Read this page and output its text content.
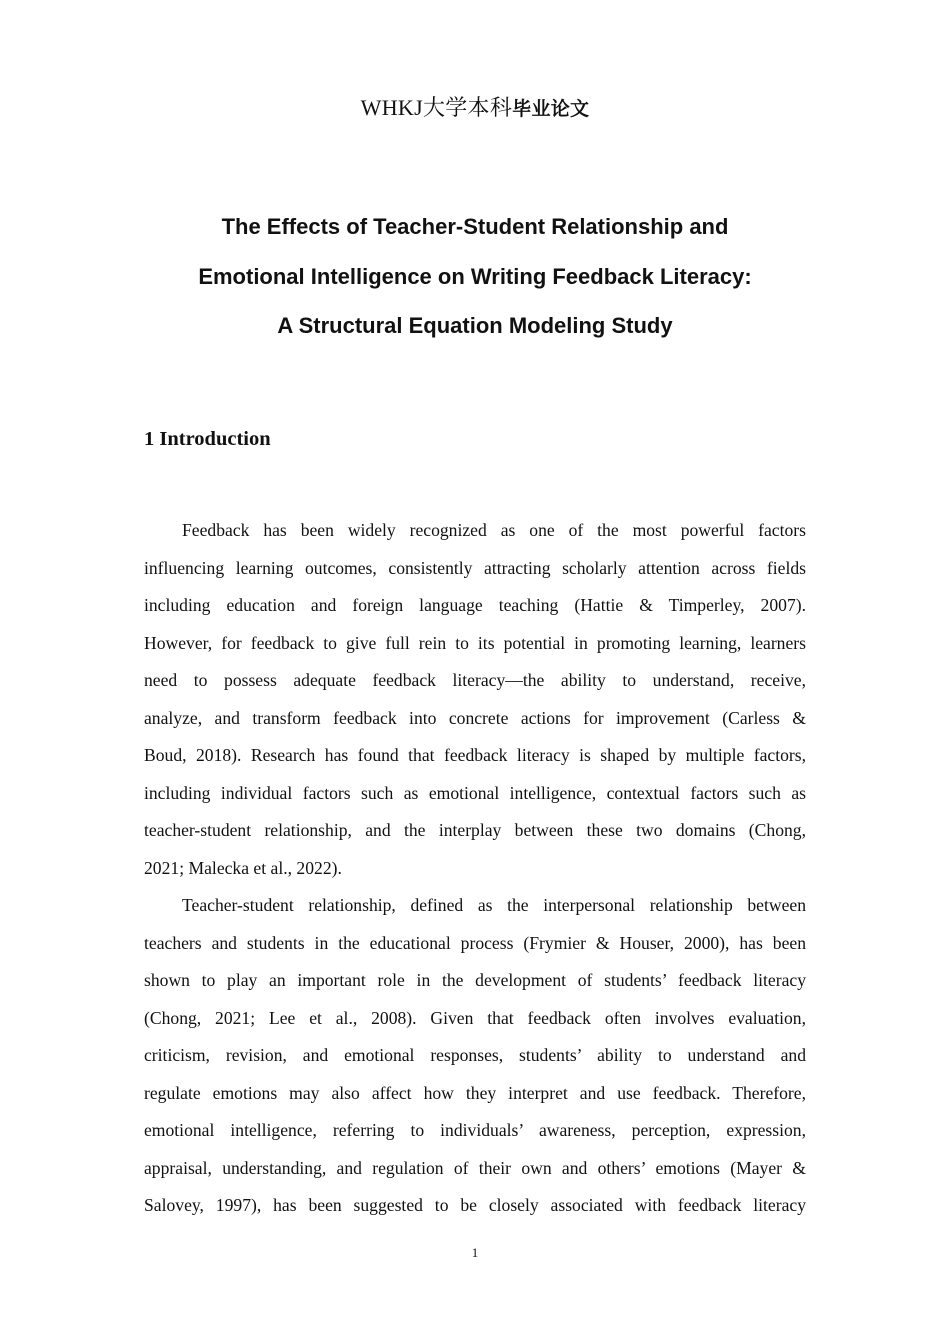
WHKJ大学本科毕业论文
The Effects of Teacher-Student Relationship and
Emotional Intelligence on Writing Feedback Literacy:
A Structural Equation Modeling Study
1 Introduction
Feedback has been widely recognized as one of the most powerful factors
influencing learning outcomes, consistently attracting scholarly attention across fields
including education and foreign language teaching (Hattie & Timperley, 2007).
However, for feedback to give full rein to its potential in promoting learning, learners
need to possess adequate feedback literacy—the ability to understand, receive,
analyze, and transform feedback into concrete actions for improvement (Carless &
Boud, 2018). Research has found that feedback literacy is shaped by multiple factors,
including individual factors such as emotional intelligence, contextual factors such as
teacher-student relationship, and the interplay between these two domains (Chong,
2021; Malecka et al., 2022).
Teacher-student relationship, defined as the interpersonal relationship between
teachers and students in the educational process (Frymier & Houser, 2000), has been
shown to play an important role in the development of students’ feedback literacy
(Chong, 2021; Lee et al., 2008). Given that feedback often involves evaluation,
criticism, revision, and emotional responses, students’ ability to understand and
regulate emotions may also affect how they interpret and use feedback. Therefore,
emotional intelligence, referring to individuals’ awareness, perception, expression,
appraisal, understanding, and regulation of their own and others’ emotions (Mayer &
Salovey, 1997), has been suggested to be closely associated with feedback literacy
1
